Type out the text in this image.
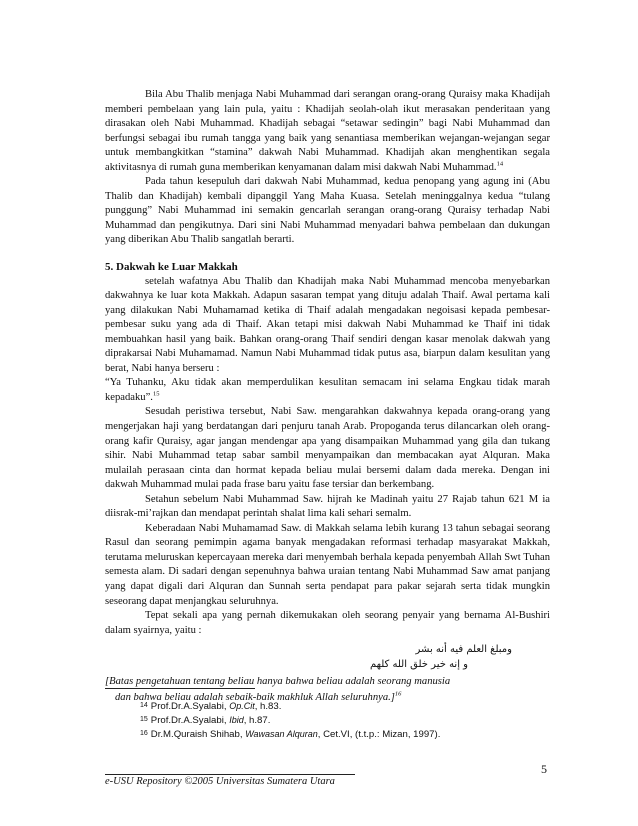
Bila Abu Thalib menjaga Nabi Muhammad dari serangan orang-orang Quraisy maka Khadijah memberi pembelaan yang lain pula, yaitu : Khadijah seolah-olah ikut merasakan penderitaan yang dirasakan oleh Nabi Muhammad. Khadijah sebagai “setawar sedingin” bagi Nabi Muhammad dan berfungsi sebagai ibu rumah tangga yang baik yang senantiasa memberikan wejangan-wejangan segar untuk membangkitkan “stamina” dakwah Nabi Muhammad. Khadijah akan menghentikan segala aktivitasnya di rumah guna memberikan kenyamanan dalam misi dakwah Nabi Muhammad.$^{14}$

Pada tahun kesepuluh dari dakwah Nabi Muhammad, kedua penopang yang agung ini (Abu Thalib dan Khadijah) kembali dipanggil Yang Maha Kuasa. Setelah meninggalnya kedua “tulang punggung” Nabi Muhammad ini semakin gencarlah serangan orang-orang Quraisy terhadap Nabi Muhammad dan pengikutnya. Dari sini Nabi Muhammad menyadari bahwa pembelaan dan dukungan yang diberikan Abu Thalib sangatlah berarti.

5. Dakwah ke Luar Makkah

setelah wafatnya Abu Thalib dan Khadijah maka Nabi Muhammad mencoba menyebarkan dakwahnya ke luar kota Makkah. Adapun sasaran tempat yang dituju adalah Thaif. Awal pertama kali yang dilakukan Nabi Muhamamad ketika di Thaif adalah mengadakan negoisasi kepada pembesar-pembesar suku yang ada di Thaif. Akan tetapi misi dakwah Nabi Muhammad ke Thaif ini tidak membuahkan hasil yang baik. Bahkan orang-orang Thaif sendiri dengan kasar menolak dakwah yang diprakarsai Nabi Muhamamad. Namun Nabi Muhammad tidak putus asa, biarpun dalam kesulitan yang berat, Nabi hanya berseru :

“Ya Tuhanku, Aku tidak akan memperdulikan kesulitan semacam ini selama Engkau tidak marah kepadaku”.$^{15}$

Sesudah peristiwa tersebut, Nabi Saw. mengarahkan dakwahnya kepada orang-orang yang mengerjakan haji yang berdatangan dari penjuru tanah Arab. Propoganda terus dilancarkan oleh orang-orang kafir Quraisy, agar jangan mendengar apa yang disampaikan Muhammad yang gila dan tukang sihir. Nabi Muhammad tetap sabar sambil menyampaikan dan membacakan ayat Alquran. Maka mulailah perasaan cinta dan hormat kepada beliau mulai bersemi dalam dada mereka. Dengan ini dakwah Muhammad mulai pada frase baru yaitu fase tersiar dan berkembang.

Setahun sebelum Nabi Muhammad Saw. hijrah ke Madinah yaitu 27 Rajab tahun 621 M ia diisrak-mi’rajkan dan mendapat perintah shalat lima kali sehari semalm.

Keberadaan Nabi Muhamamad Saw. di Makkah selama lebih kurang 13 tahun sebagai seorang Rasul dan seorang pemimpin agama banyak mengadakan reformasi terhadap masyarakat Makkah, terutama meluruskan kepercayaan mereka dari menyembah berhala kepada penyembah Allah Swt Tuhan semesta alam. Di sadari dengan sepenuhnya bahwa uraian tentang Nabi Muhammad Saw amat panjang yang dapat digali dari Alquran dan Sunnah serta pendapat para pakar sejarah serta tidak mungkin seseorang dapat menjangkau seluruhnya.

Tepat sekali apa yang pernah dikemukakan oleh seorang penyair yang bernama Al-Bushiri dalam syairnya, yaitu :

ومبلغ العلم فيه أنه بشر

و إنه خير خلق الله كلهم

[Batas pengetahuan tentang beliau hanya bahwa beliau adalah seorang manusia
dan bahwa beliau adalah sebaik-baik makhluk Allah seluruhnya.]$^{16}$

$^{14}$ Prof.Dr.A.Syalabi, Op.Cit, h.83.
$^{15}$ Prof.Dr.A.Syalabi, Ibid, h.87.
$^{16}$ Dr.M.Quraish Shihab, Wawasan Alquran, Cet.VI, (t.t.p.: Mizan, 1997).
5
e-USU Repository ©2005 Universitas Sumatera Utara
